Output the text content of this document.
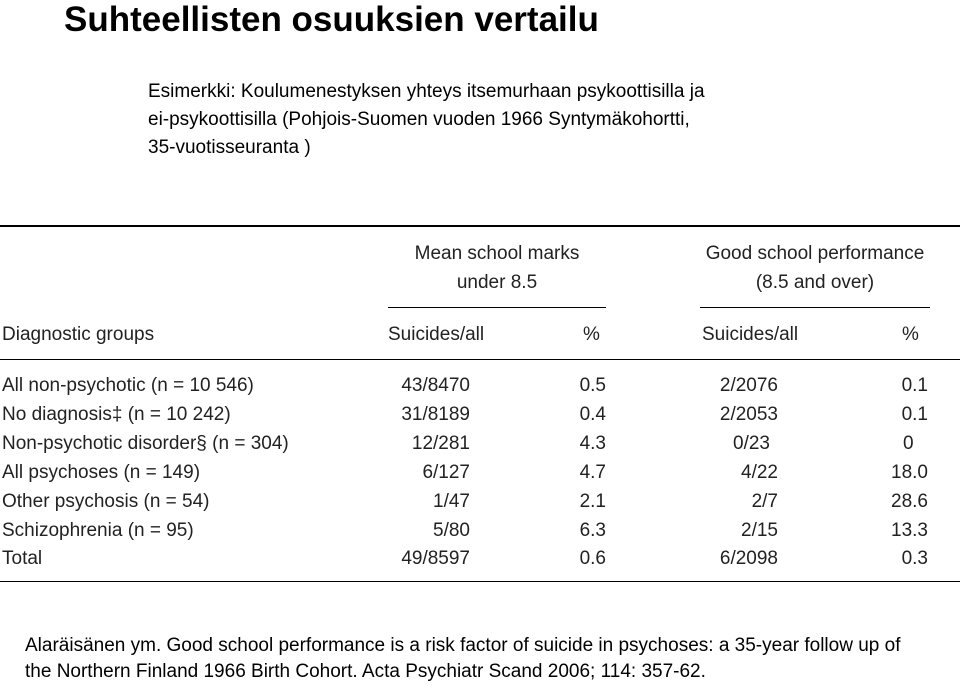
Suhteellisten osuuksien vertailu
Esimerkki: Koulumenestyksen yhteys itsemurhaan psykoottisilla ja
ei-psykoottisilla (Pohjois-Suomen vuoden 1966 Syntymäkohortti,
35-vuotisseuranta )
Mean school marks
under 8.5
Good school performance
(8.5 and over)
Diagnostic groups	Suicides/all	%	Suicides/all	%
All non-psychotic (n = 10 546)	43/8470	0.5	2/2076	0.1
No diagnosis‡ (n = 10 242)	31/8189	0.4	2/2053	0.1
Non-psychotic disorder§ (n = 304)	12/281	4.3	0/23	0
All psychoses (n = 149)	6/127	4.7	4/22	18.0
Other psychosis (n = 54)	1/47	2.1	2/7	28.6
Schizophrenia (n = 95)	5/80	6.3	2/15	13.3
Total	49/8597	0.6	6/2098	0.3
Alaräisänen ym. Good school performance is a risk factor of suicide in psychoses: a 35-year follow up of
the Northern Finland 1966 Birth Cohort. Acta Psychiatr Scand 2006; 114: 357-62.
